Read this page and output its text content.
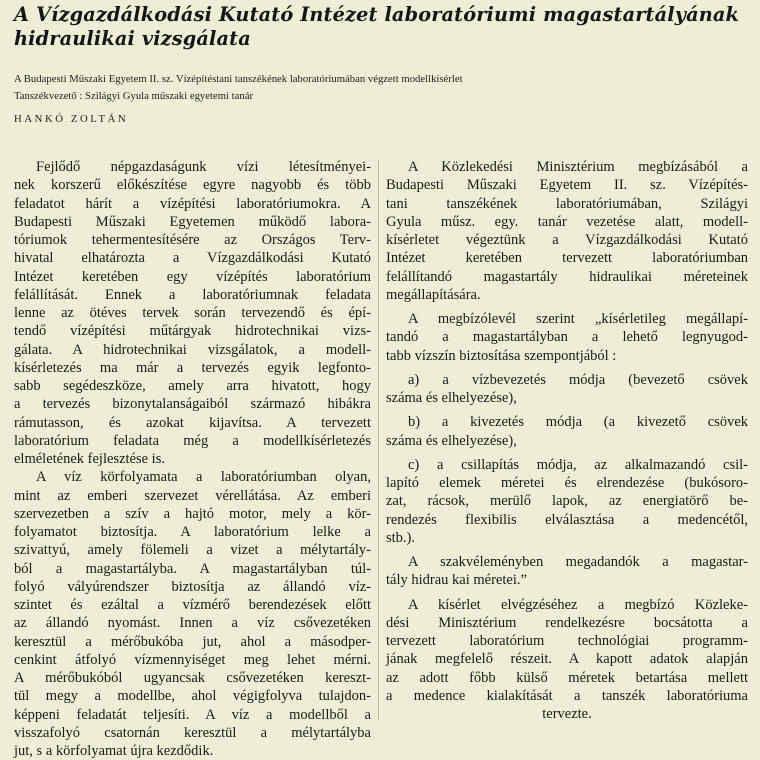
A Vízgazdálkodási Kutató Intézet laboratóriumi magastartályának
hidraulikai vizsgálata
A Budapesti Műszaki Egyetem II. sz. Vízépítéstani tanszékének laboratóriumában végzett modellkísérlet
Tanszékvezető : Szilágyi Gyula műszaki egyetemi tanár
HANKÓ ZOLTÁN
Fejlődő népgazdaságunk vízi létesítményei-
nek korszerű előkészítése egyre nagyobb és több
feladatot hárít a vízépítési laboratóriumokra. A
Budapesti Műszaki Egyetemen működő labora-
tóriumok tehermentesítésére az Országos Terv-
hivatal elhatározta a Vízgazdálkodási Kutató
Intézet keretében egy vízépítés laboratórium
felállítását. Ennek a laboratóriumnak feladata
lenne az ötéves tervek során tervezendő és épí-
tendő vízépítési műtárgyak hidrotechnikai vizs-
gálata. A hidrotechnikai vizsgálatok, a modell-
kísérletezés ma már a tervezés egyik legfonto-
sabb segédeszköze, amely arra hivatott, hogy
a tervezés bizonytalanságaiból származó hibákra
rámutasson, és azokat kijavítsa. A tervezett
laboratórium feladata még a modellkísérletezés
elméletének fejlesztése is.
A víz körfolyamata a laboratóriumban olyan,
mint az emberi szervezet vérellátása. Az emberi
szervezetben a szív a hajtó motor, mely a kör-
folyamatot biztosítja. A laboratórium lelke a
szivattyú, amely fölemeli a vizet a mélytartály-
ból a magastartályba. A magastartályban túl-
folyó vályúrendszer biztosítja az állandó víz-
szintet és ezáltal a vízmérő berendezések előtt
az állandó nyomást. Innen a víz csővezetéken
keresztül a mérőbukóba jut, ahol a másodper-
cenkint átfolyó vízmennyiséget meg lehet mérni.
A mérőbukóból ugyancsak csővezetéken kereszt-
tül megy a modellbe, ahol végigfolyva tulajdon-
képpeni feladatát teljesíti. A víz a modellből a
visszafolyó csatornán keresztül a mélytartályba
jut, s a körfolyamat újra kezdődik.
A Közlekedési Minisztérium megbízásából a
Budapesti Műszaki Egyetem II. sz. Vízépítés-
tani tanszékének laboratóriumában, Szilágyi
Gyula műsz. egy. tanár vezetése alatt, modell-
kísérletet végeztünk a Vízgazdálkodási Kutató
Intézet keretében tervezett laboratóriumban
felállítandó magastartály hidraulikai méreteinek
megállapítására.
A megbízólevél szerint „kísérletileg megállapí-
tandó a magastartályban a lehető legnyugod-
tabb vízszín biztosítása szempontjából :
a) a vízbevezetés módja (bevezető csövek
száma és elhelyezése),
b) a kivezetés módja (a kivezető csövek
száma és elhelyezése),
c) a csillapítás módja, az alkalmazandó csil-
lapító elemek méretei és elrendezése (bukósoro-
zat, rácsok, merülő lapok, az energiatörő be-
rendezés flexibilis elválasztása a medencétől,
stb.).
A szakvéleményben megadandók a magastar-
tály hidrau kai méretei.”
A kísérlet elvégzéséhez a megbízó Közleke-
dési Minisztérium rendelkezésre bocsátotta a
tervezett laboratórium technológiai programm-
jának megfelelő részeit. A kapott adatok alapján
az adott főbb külső méretek betartása mellett
a medence kialakítását a tanszék laboratóriuma
tervezte.
